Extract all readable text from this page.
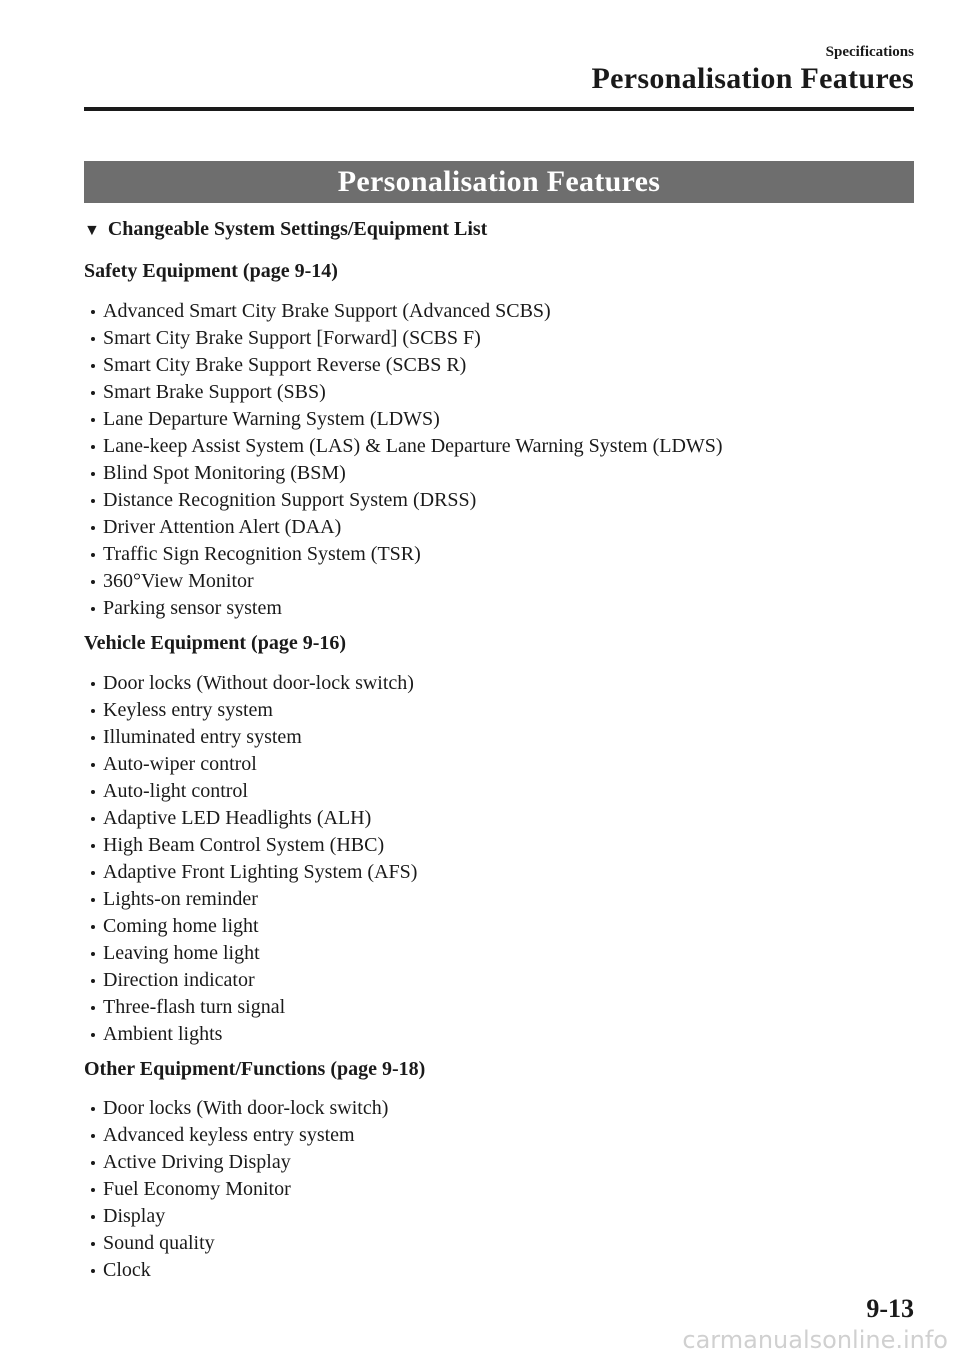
Specifications
Personalisation Features
Personalisation Features
▼ Changeable System Settings/Equipment List
Safety Equipment (page 9-14)
Advanced Smart City Brake Support (Advanced SCBS)
Smart City Brake Support [Forward] (SCBS F)
Smart City Brake Support Reverse (SCBS R)
Smart Brake Support (SBS)
Lane Departure Warning System (LDWS)
Lane-keep Assist System (LAS) & Lane Departure Warning System (LDWS)
Blind Spot Monitoring (BSM)
Distance Recognition Support System (DRSS)
Driver Attention Alert (DAA)
Traffic Sign Recognition System (TSR)
360°View Monitor
Parking sensor system
Vehicle Equipment (page 9-16)
Door locks (Without door-lock switch)
Keyless entry system
Illuminated entry system
Auto-wiper control
Auto-light control
Adaptive LED Headlights (ALH)
High Beam Control System (HBC)
Adaptive Front Lighting System (AFS)
Lights-on reminder
Coming home light
Leaving home light
Direction indicator
Three-flash turn signal
Ambient lights
Other Equipment/Functions (page 9-18)
Door locks (With door-lock switch)
Advanced keyless entry system
Active Driving Display
Fuel Economy Monitor
Display
Sound quality
Clock
9-13
carmanualsonline.info
